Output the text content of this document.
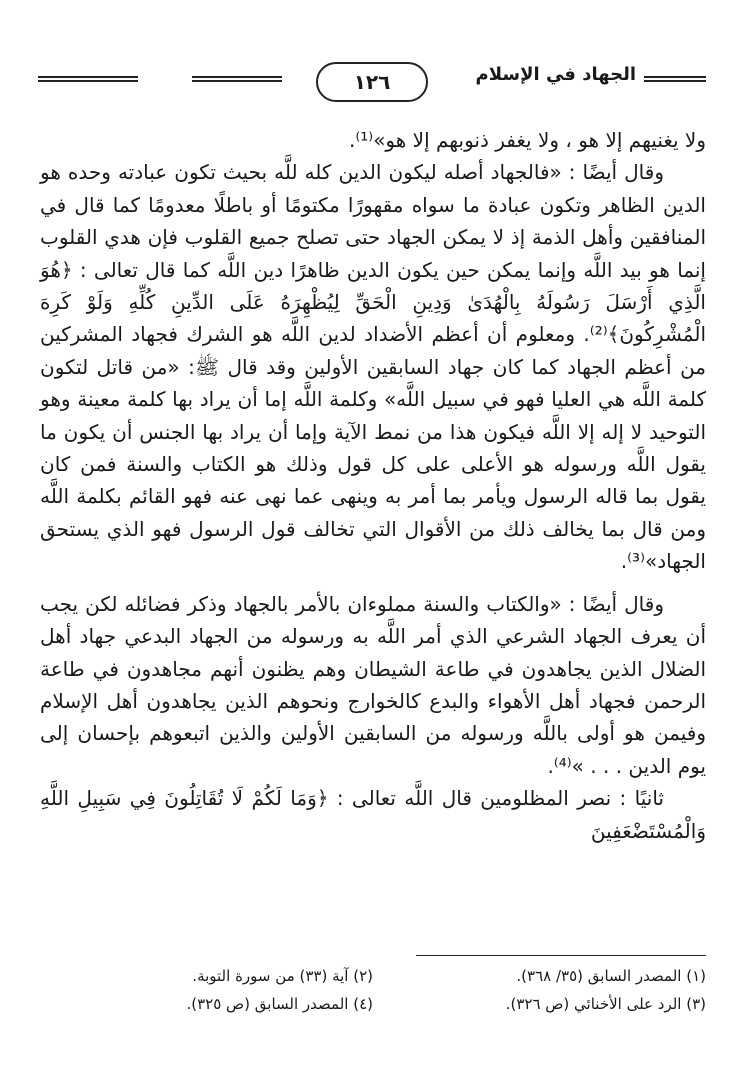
الجهاد في الإسلام
١٢٦

ولا يغنيهم إلا هو ، ولا يغفر ذنوبهم إلا هو»⁽¹⁾.

وقال أيضًا : «فالجهاد أصله ليكون الدين كله للَّه بحيث تكون عبادته وحده هو الدين الظاهر وتكون عبادة ما سواه مقهورًا مكتومًا أو باطلًا معدومًا كما قال في المنافقين وأهل الذمة إذ لا يمكن الجهاد حتى تصلح جميع القلوب فإن هدي القلوب إنما هو بيد اللَّه وإنما يمكن حين يكون الدين ظاهرًا دين اللَّه كما قال تعالى : ﴿هُوَ الَّذِي أَرْسَلَ رَسُولَهُ بِالْهُدَىٰ وَدِينِ الْحَقِّ لِيُظْهِرَهُ عَلَى الدِّينِ كُلِّهِ وَلَوْ كَرِهَ الْمُشْرِكُونَ﴾⁽²⁾. ومعلوم أن أعظم الأضداد لدين اللَّه هو الشرك فجهاد المشركين من أعظم الجهاد كما كان جهاد السابقين الأولين وقد قال ﷺ: «من قاتل لتكون كلمة اللَّه هي العليا فهو في سبيل اللَّه» وكلمة اللَّه إما أن يراد بها كلمة معينة وهو التوحيد لا إله إلا اللَّه فيكون هذا من نمط الآية وإما أن يراد بها الجنس أن يكون ما يقول اللَّه ورسوله هو الأعلى على كل قول وذلك هو الكتاب والسنة فمن كان يقول بما قاله الرسول ويأمر بما أمر به وينهى عما نهى عنه فهو القائم بكلمة اللَّه ومن قال بما يخالف ذلك من الأقوال التي تخالف قول الرسول فهو الذي يستحق الجهاد»⁽³⁾.

وقال أيضًا : «والكتاب والسنة مملوءان بالأمر بالجهاد وذكر فضائله لكن يجب أن يعرف الجهاد الشرعي الذي أمر اللَّه به ورسوله من الجهاد البدعي جهاد أهل الضلال الذين يجاهدون في طاعة الشيطان وهم يظنون أنهم مجاهدون في طاعة الرحمن فجهاد أهل الأهواء والبدع كالخوارج ونحوهم الذين يجاهدون أهل الإسلام وفيمن هو أولى باللَّه ورسوله من السابقين الأولين والذين اتبعوهم بإحسان إلى يوم الدين . . . »⁽⁴⁾.

ثانيًا : نصر المظلومين قال اللَّه تعالى : ﴿وَمَا لَكُمْ لَا تُقَاتِلُونَ فِي سَبِيلِ اللَّهِ وَالْمُسْتَضْعَفِينَ

(١) المصدر السابق (٣٥/ ٣٦٨).
(٢) آية (٣٣) من سورة التوبة.
(٣) الرد على الأخنائي (ص ٣٢٦).
(٤) المصدر السابق (ص ٣٢٥).
